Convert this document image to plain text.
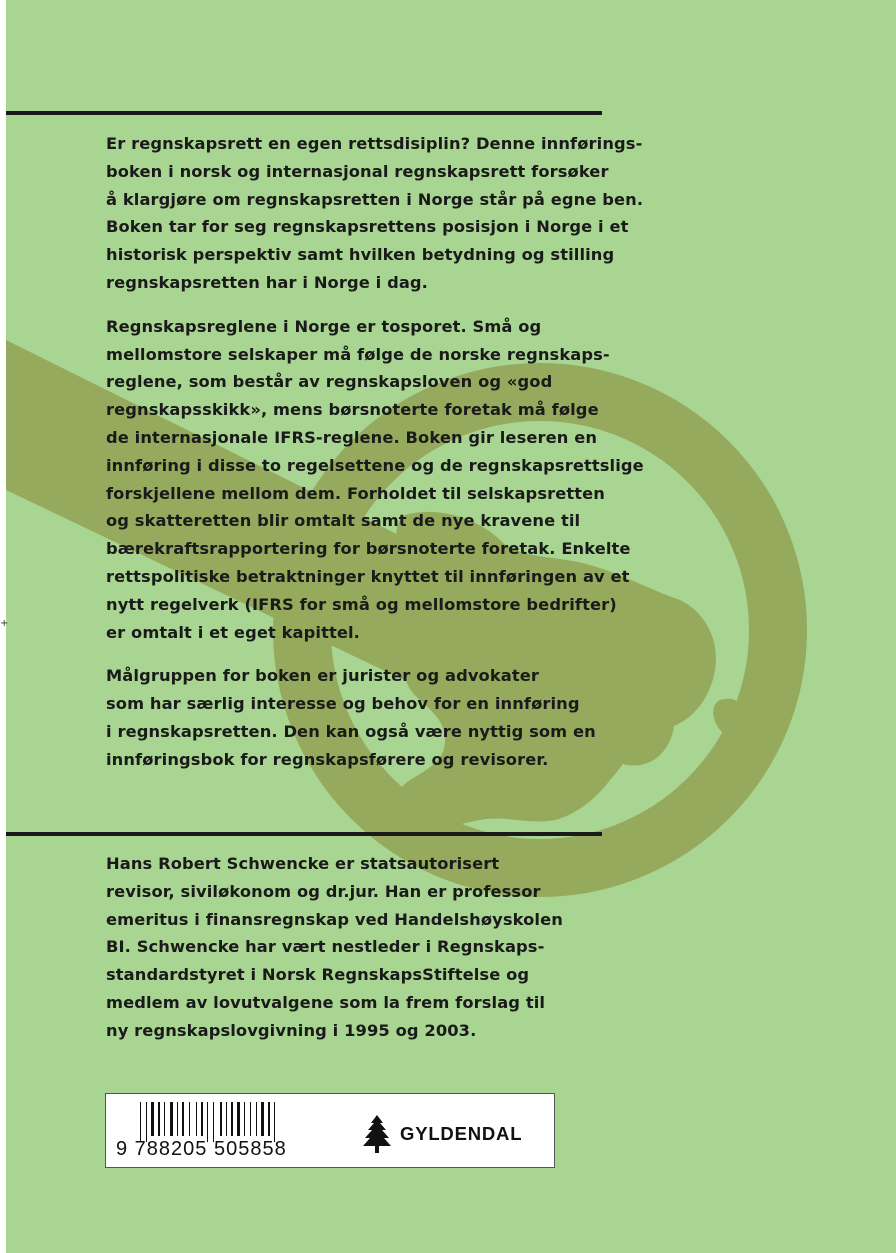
+

Er regnskapsrett en egen rettsdisiplin? Denne innførings-
boken i norsk og internasjonal regnskapsrett forsøker
å klargjøre om regnskapsretten i Norge står på egne ben.
Boken tar for seg regnskapsrettens posisjon i Norge i et
historisk perspektiv samt hvilken betydning og stilling
regnskapsretten har i Norge i dag.

Regnskapsreglene i Norge er tosporet. Små og
mellomstore selskaper må følge de norske regnskaps-
reglene, som består av regnskapsloven og «god
regnskapsskikk», mens børsnoterte foretak må følge
de internasjonale IFRS-reglene. Boken gir leseren en
innføring i disse to regelsettene og de regnskapsrettslige
forskjellene mellom dem. Forholdet til selskapsretten
og skatteretten blir omtalt samt de nye kravene til
bærekraftsrapportering for børsnoterte foretak. Enkelte
rettspolitiske betraktninger knyttet til innføringen av et
nytt regelverk (IFRS for små og mellomstore bedrifter)
er omtalt i et eget kapittel.

Målgruppen for boken er jurister og advokater
som har særlig interesse og behov for en innføring
i regnskapsretten. Den kan også være nyttig som en
innføringsbok for regnskapsførere og revisorer.

Hans Robert Schwencke er statsautorisert
revisor, siviløkonom og dr.jur. Han er professor
emeritus i finansregnskap ved Handelshøyskolen
BI. Schwencke har vært nestleder i Regnskaps-
standardstyret i Norsk RegnskapsStiftelse og
medlem av lovutvalgene som la frem forslag til
ny regnskapslovgivning i 1995 og 2003.
9 788205 505858
GYLDENDAL
